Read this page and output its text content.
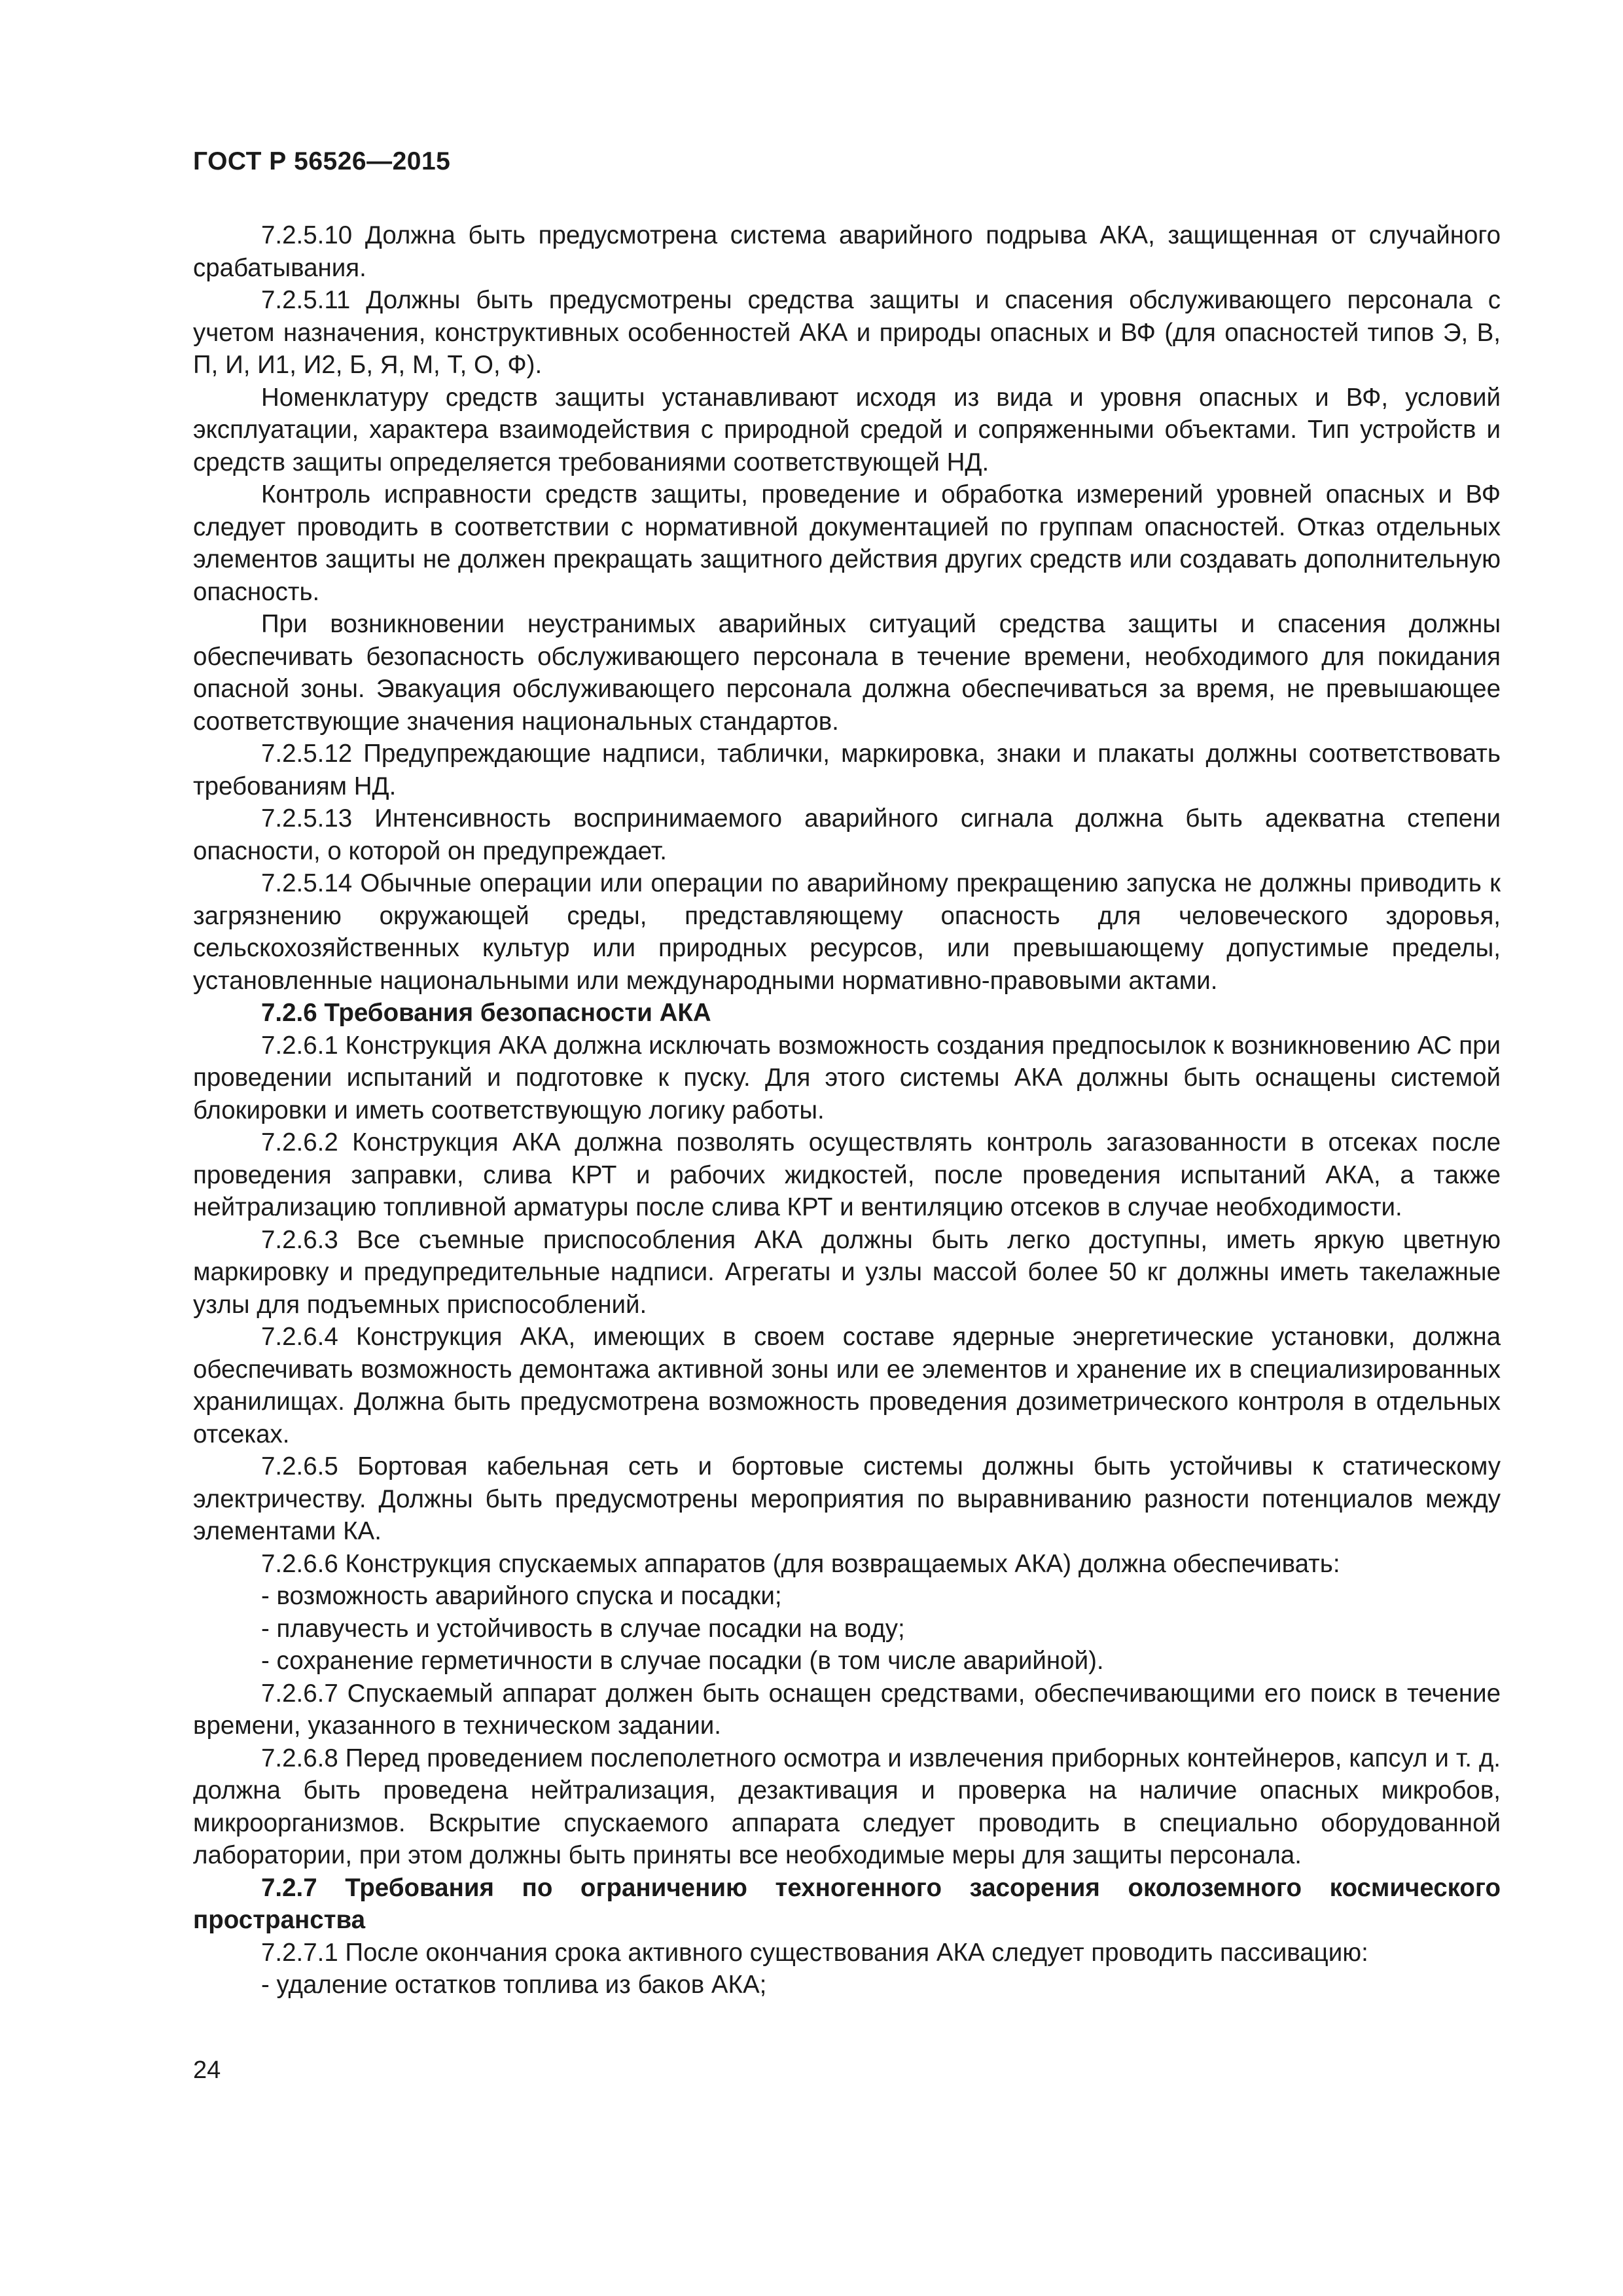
ГОСТ Р 56526—2015

7.2.5.10 Должна быть предусмотрена система аварийного подрыва АКА, защищенная от случайного срабатывания.

7.2.5.11 Должны быть предусмотрены средства защиты и спасения обслуживающего персонала с учетом назначения, конструктивных особенностей АКА и природы опасных и ВФ (для опасностей типов Э, В, П, И, И1, И2, Б, Я, М, Т, О, Ф).

Номенклатуру средств защиты устанавливают исходя из вида и уровня опасных и ВФ, условий эксплуатации, характера взаимодействия с природной средой и сопряженными объектами. Тип устройств и средств защиты определяется требованиями соответствующей НД.

Контроль исправности средств защиты, проведение и обработка измерений уровней опасных и ВФ следует проводить в соответствии с нормативной документацией по группам опасностей. Отказ отдельных элементов защиты не должен прекращать защитного действия других средств или создавать дополнительную опасность.

При возникновении неустранимых аварийных ситуаций средства защиты и спасения должны обеспечивать безопасность обслуживающего персонала в течение времени, необходимого для покидания опасной зоны. Эвакуация обслуживающего персонала должна обеспечиваться за время, не превышающее соответствующие значения национальных стандартов.

7.2.5.12 Предупреждающие надписи, таблички, маркировка, знаки и плакаты должны соответствовать требованиям НД.

7.2.5.13 Интенсивность воспринимаемого аварийного сигнала должна быть адекватна степени опасности, о которой он предупреждает.

7.2.5.14 Обычные операции или операции по аварийному прекращению запуска не должны приводить к загрязнению окружающей среды, представляющему опасность для человеческого здоровья, сельскохозяйственных культур или природных ресурсов, или превышающему допустимые пределы, установленные национальными или международными нормативно-правовыми актами.

7.2.6 Требования безопасности АКА

7.2.6.1 Конструкция АКА должна исключать возможность создания предпосылок к возникновению АС при проведении испытаний и подготовке к пуску. Для этого системы АКА должны быть оснащены системой блокировки и иметь соответствующую логику работы.

7.2.6.2 Конструкция АКА должна позволять осуществлять контроль загазованности в отсеках после проведения заправки, слива КРТ и рабочих жидкостей, после проведения испытаний АКА, а также нейтрализацию топливной арматуры после слива КРТ и вентиляцию отсеков в случае необходимости.

7.2.6.3 Все съемные приспособления АКА должны быть легко доступны, иметь яркую цветную маркировку и предупредительные надписи. Агрегаты и узлы массой более 50 кг должны иметь такелажные узлы для подъемных приспособлений.

7.2.6.4 Конструкция АКА, имеющих в своем составе ядерные энергетические установки, должна обеспечивать возможность демонтажа активной зоны или ее элементов и хранение их в специализированных хранилищах. Должна быть предусмотрена возможность проведения дозиметрического контроля в отдельных отсеках.

7.2.6.5 Бортовая кабельная сеть и бортовые системы должны быть устойчивы к статическому электричеству. Должны быть предусмотрены мероприятия по выравниванию разности потенциалов между элементами КА.

7.2.6.6 Конструкция спускаемых аппаратов (для возвращаемых АКА) должна обеспечивать:

- возможность аварийного спуска и посадки;
- плавучесть и устойчивость в случае посадки на воду;
- сохранение герметичности в случае посадки (в том числе аварийной).

7.2.6.7 Спускаемый аппарат должен быть оснащен средствами, обеспечивающими его поиск в течение времени, указанного в техническом задании.

7.2.6.8 Перед проведением послеполетного осмотра и извлечения приборных контейнеров, капсул и т. д. должна быть проведена нейтрализация, дезактивация и проверка на наличие опасных микробов, микроорганизмов. Вскрытие спускаемого аппарата следует проводить в специально оборудованной лаборатории, при этом должны быть приняты все необходимые меры для защиты персонала.

7.2.7 Требования по ограничению техногенного засорения околоземного космического пространства

7.2.7.1 После окончания срока активного существования АКА следует проводить пассивацию:

- удаление остатков топлива из баков АКА;
24
